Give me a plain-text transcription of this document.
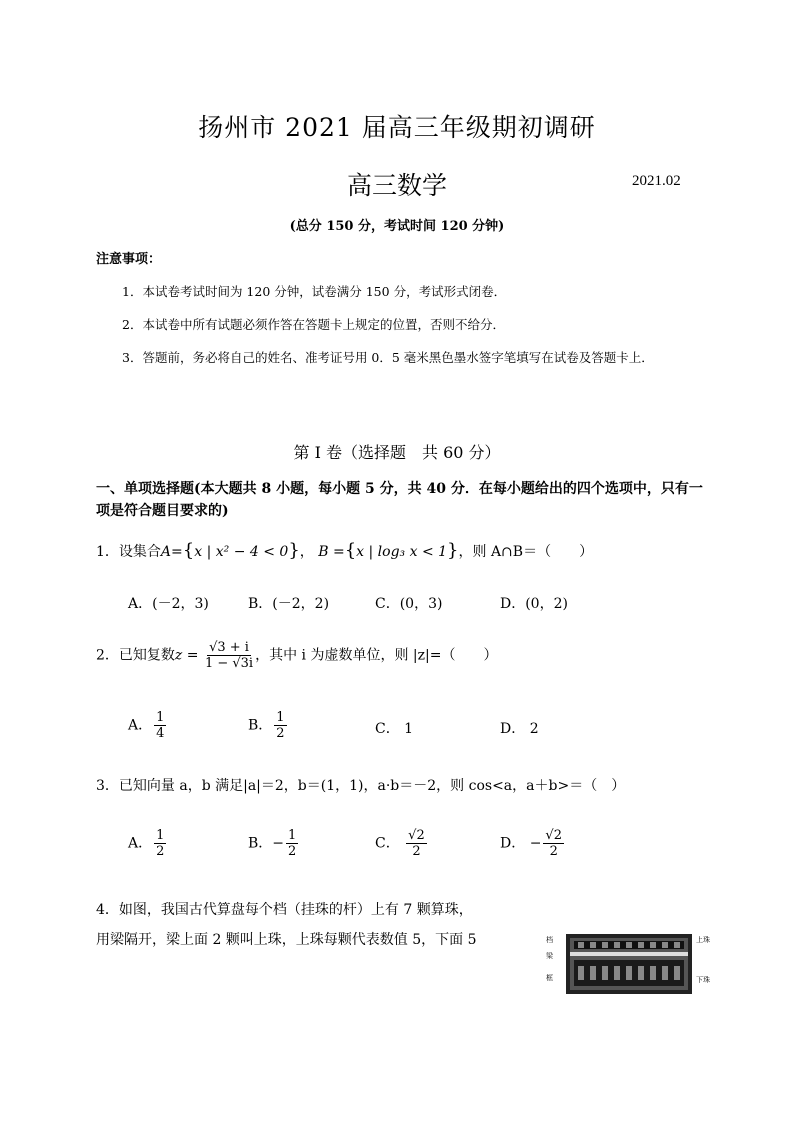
扬州市 2021 届高三年级期初调研
高三数学	2021.02
(总分 150 分，考试时间 120 分钟)
注意事项：
1．本试卷考试时间为 120 分钟，试卷满分 150 分，考试形式闭卷．
2．本试卷中所有试题必须作答在答题卡上规定的位置，否则不给分．
3．答题前，务必将自己的姓名、准考证号用 0．5 毫米黑色墨水签字笔填写在试卷及答题卡上．
第 I 卷（选择题　共 60 分）
一、单项选择题(本大题共 8 小题，每小题 5 分，共 40 分．在每小题给出的四个选项中，只有一项是符合题目要求的)
1．设集合A={x | x² − 4 < 0}， B ={x | log₃ x < 1}，则 A∩B＝（　　）
A．(－2，3)	B．(－2，2)	C．(0，3)	D．(0，2)
2．已知复数$z = \frac{√3 + i}{1 - √3i}$ ，其中 i 为虚数单位，则 |z|=（　　）
A． $\frac{1}{4}$	B． $\frac{1}{2}$	C． 1	D． 2
3．已知向量 a，b 满足|a|＝2，b＝(1，1)，a·b＝－2，则 cos<a，a＋b>＝（　）
A． $\frac{1}{2}$	B．− $\frac{1}{2}$	C． $\frac{√2}{2}$	D． − $\frac{√2}{2}$
4．如图，我国古代算盘每个档（挂珠的杆）上有 7 颗算珠，
用梁隔开，梁上面 2 颗叫上珠，上珠每颗代表数值 5，下面 5	档
梁
框
上珠
下珠
